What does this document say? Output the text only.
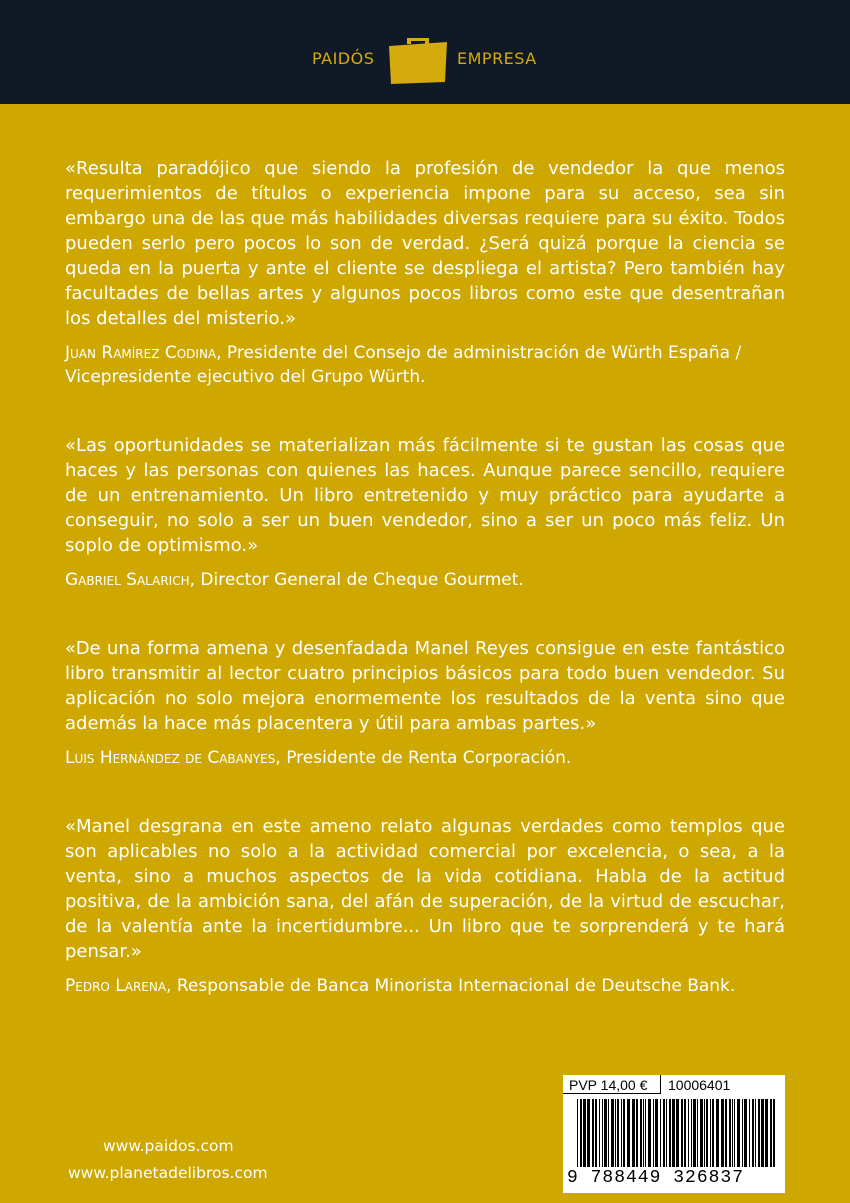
PAIDÓS	EMPRESA

«Resulta paradójico que siendo la profesión de vendedor la que menos requerimientos de títulos o experiencia impone para su acceso, sea sin embargo una de las que más habilidades diversas requiere para su éxito. Todos pueden serlo pero pocos lo son de verdad. ¿Será quizá porque la ciencia se queda en la puerta y ante el cliente se despliega el artista? Pero también hay facultades de bellas artes y algunos pocos libros como este que desentrañan los detalles del misterio.»

Juan Ramírez Codina, Presidente del Consejo de administración de Würth España / Vicepresidente ejecutivo del Grupo Würth.

«Las oportunidades se materializan más fácilmente si te gustan las cosas que haces y las personas con quienes las haces. Aunque parece sencillo, requiere de un entrenamiento. Un libro entretenido y muy práctico para ayudarte a conseguir, no solo a ser un buen vendedor, sino a ser un poco más feliz. Un soplo de optimismo.»

Gabriel Salarich, Director General de Cheque Gourmet.

«De una forma amena y desenfadada Manel Reyes consigue en este fantástico libro transmitir al lector cuatro principios básicos para todo buen vendedor. Su aplicación no solo mejora enormemente los resultados de la venta sino que además la hace más placentera y útil para ambas partes.»

Luis Hernández de Cabanyes, Presidente de Renta Corporación.

«Manel desgrana en este ameno relato algunas verdades como templos que son aplicables no solo a la actividad comercial por excelencia, o sea, a la venta, sino a muchos aspectos de la vida cotidiana. Habla de la actitud positiva, de la ambición sana, del afán de superación, de la virtud de escuchar, de la valentía ante la incertidumbre... Un libro que te sorprenderá y te hará pensar.»

Pedro Larena, Responsable de Banca Minorista Internacional de Deutsche Bank.

www.paidos.com
www.planetadelibros.com
PVP 14,00 €	10006401
9 788449 326837
